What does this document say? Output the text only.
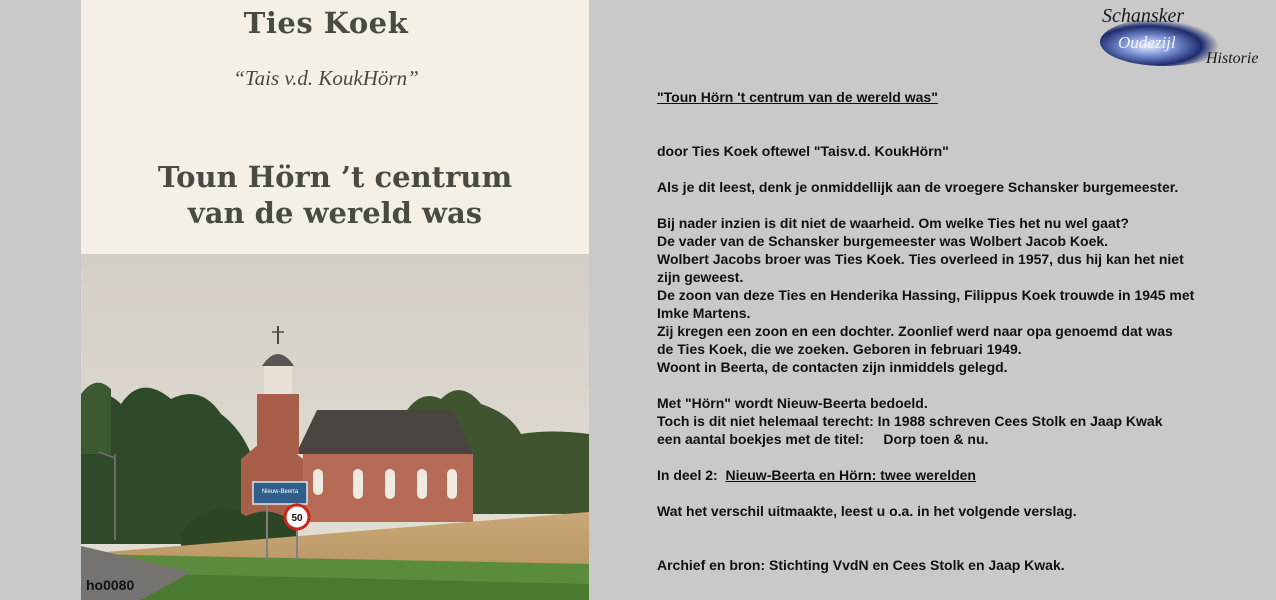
Ties Koek
“Tais v.d. KoukHörn”
Toun Hörn ’t centrum
van de wereld was
Nieuw-Beerta
50
ho0080
Schansker
Oudezijl
Historie
"Toun Hörn 't centrum van de wereld was"
door Ties Koek oftewel "Taisv.d. KoukHörn"
Als je dit leest, denk je onmiddellijk aan de vroegere Schansker burgemeester.
Bij nader inzien is dit niet de waarheid. Om welke Ties het nu wel gaat?
De vader van de Schansker burgemeester was Wolbert Jacob Koek.
Wolbert Jacobs broer was Ties Koek. Ties overleed in 1957, dus hij kan het niet
zijn geweest.
De zoon van deze Ties en Henderika Hassing, Filippus Koek trouwde in 1945 met
Imke Martens.
Zij kregen een zoon en een dochter. Zoonlief werd naar opa genoemd dat was
de Ties Koek, die we zoeken. Geboren in februari 1949.
Woont in Beerta, de contacten zijn inmiddels gelegd.
Met "Hörn" wordt Nieuw-Beerta bedoeld.
Toch is dit niet helemaal terecht: In 1988 schreven Cees Stolk en Jaap Kwak
een aantal boekjes met de titel:     Dorp toen & nu.
In deel 2:  Nieuw-Beerta en Hörn: twee werelden
Wat het verschil uitmaakte, leest u o.a. in het volgende verslag.
Archief en bron: Stichting VvdN en Cees Stolk en Jaap Kwak.
